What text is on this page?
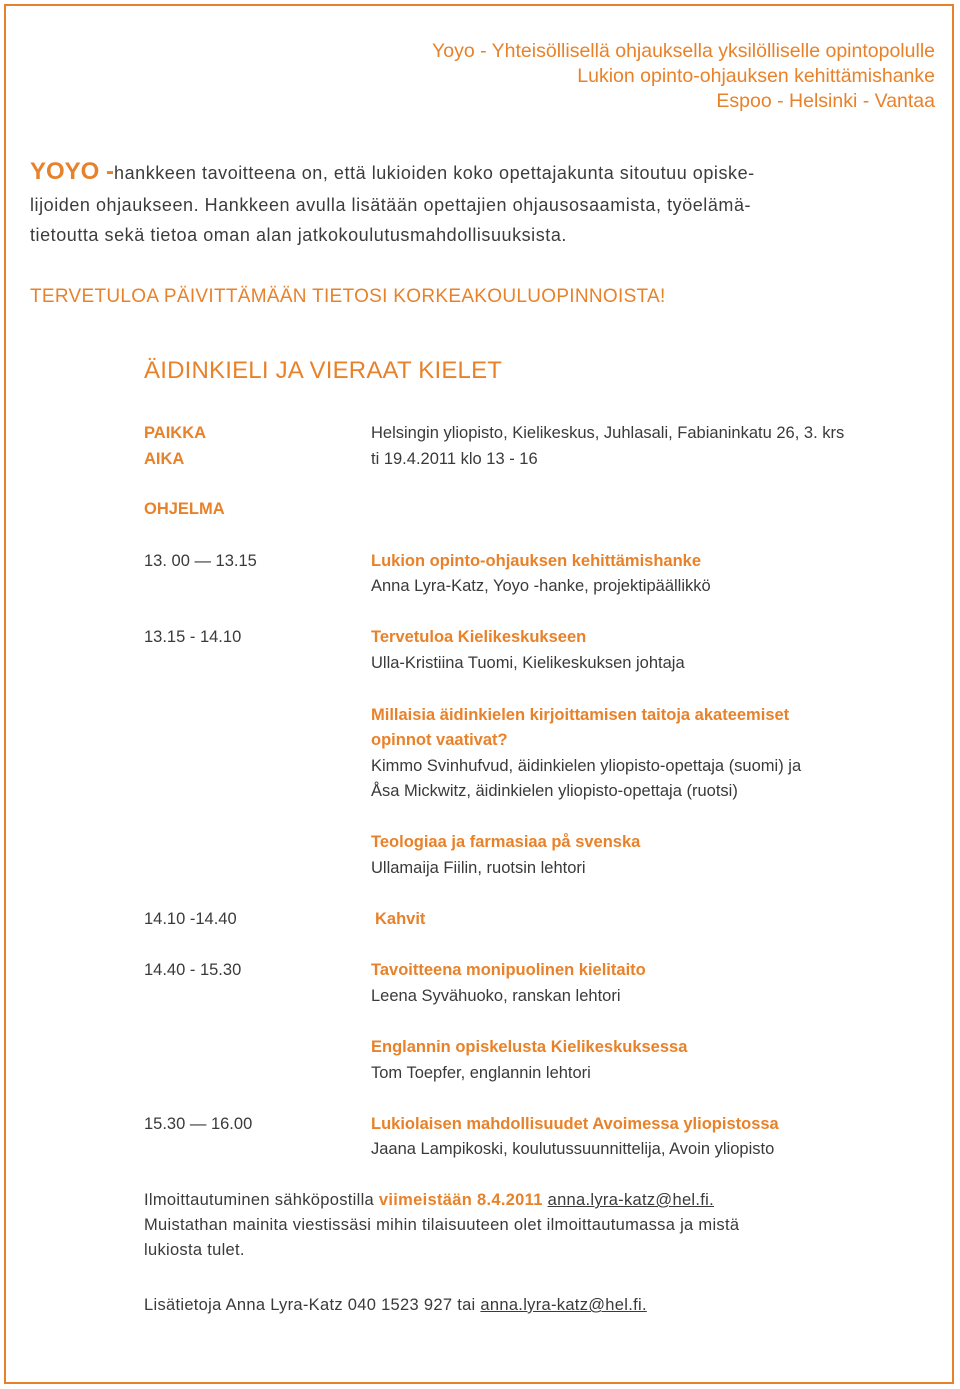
Yoyo - Yhteisöllisellä ohjauksella yksilölliselle opintopolulle
Lukion opinto-ohjauksen kehittämishanke
Espoo - Helsinki - Vantaa
YOYO -hankkeen tavoitteena on, että lukioiden koko opettajakunta sitoutuu opiske-
lijoiden ohjaukseen. Hankkeen avulla lisätään opettajien ohjausosaamista, työelämä-
tietoutta sekä tietoa oman alan jatkokoulutusmahdollisuuksista.
TERVETULOA PÄIVITTÄMÄÄN TIETOSI KORKEAKOULUOPINNOISTA!
ÄIDINKIELI JA VIERAAT KIELET
PAIKKA	Helsingin yliopisto, Kielikeskus, Juhlasali, Fabianinkatu 26, 3. krs
AIKA	ti 19.4.2011 klo 13 - 16
OHJELMA
13. 00 — 13.15	Lukion opinto-ohjauksen kehittämishanke
Anna Lyra-Katz, Yoyo -hanke, projektipäällikkö
13.15 - 14.10	Tervetuloa Kielikeskukseen
Ulla-Kristiina Tuomi, Kielikeskuksen johtaja
Millaisia äidinkielen kirjoittamisen taitoja akateemiset
opinnot vaativat?
Kimmo Svinhufvud, äidinkielen yliopisto-opettaja (suomi) ja
Åsa Mickwitz, äidinkielen yliopisto-opettaja (ruotsi)
Teologiaa ja farmasiaa på svenska
Ullamaija Fiilin, ruotsin lehtori
14.10 -14.40	Kahvit
14.40 - 15.30	Tavoitteena monipuolinen kielitaito
Leena Syvähuoko, ranskan lehtori
Englannin opiskelusta Kielikeskuksessa
Tom Toepfer, englannin lehtori
15.30 — 16.00	Lukiolaisen mahdollisuudet Avoimessa yliopistossa
Jaana Lampikoski, koulutussuunnittelija, Avoin yliopisto
Ilmoittautuminen sähköpostilla viimeistään 8.4.2011 anna.lyra-katz@hel.fi.
Muistathan mainita viestissäsi mihin tilaisuuteen olet ilmoittautumassa ja mistä
lukiosta tulet.
Lisätietoja Anna Lyra-Katz 040 1523 927 tai anna.lyra-katz@hel.fi.
